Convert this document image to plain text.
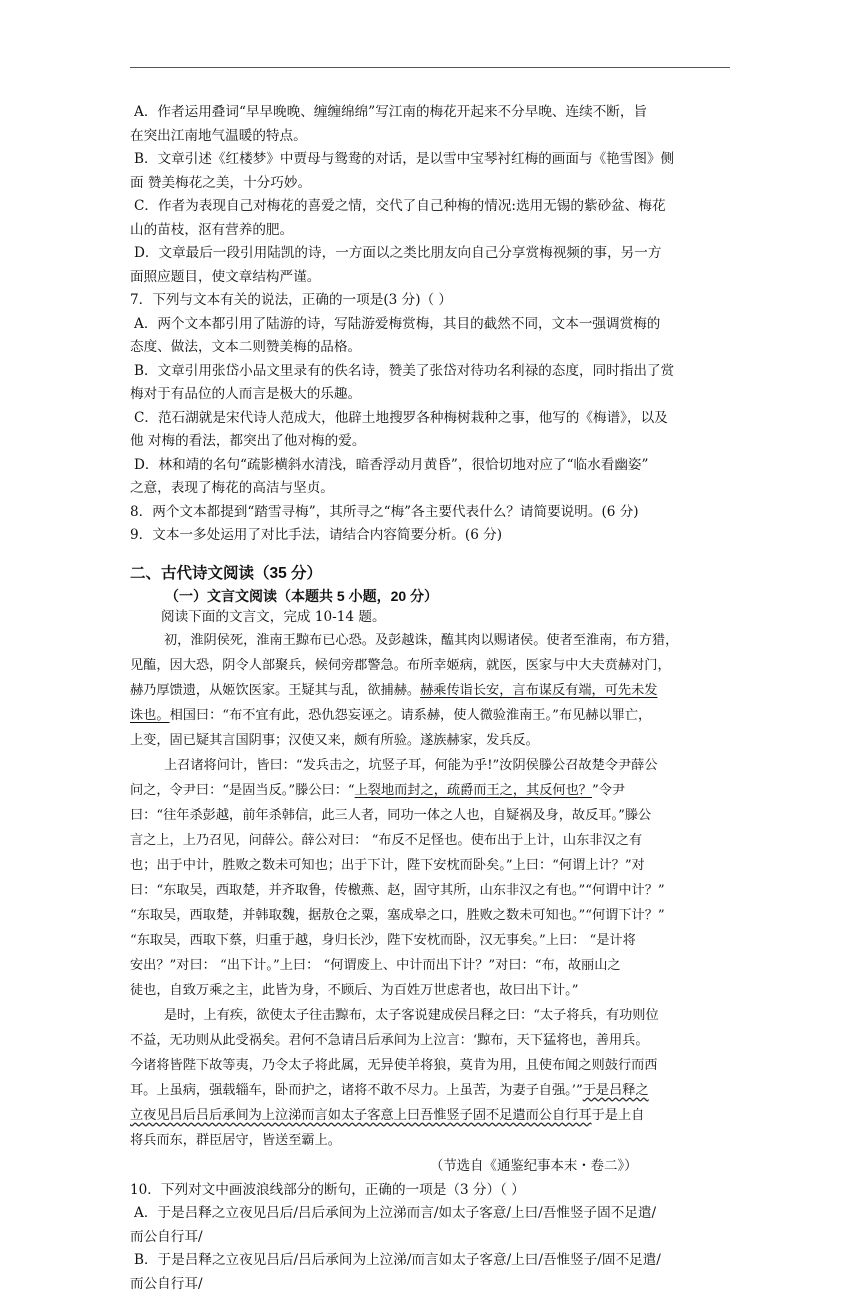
A．作者运用叠词“早早晚晚、缠缠绵绵”写江南的梅花开起来不分早晚、连续不断，旨
在突出江南地气温暖的特点。
B．文章引述《红楼梦》中贾母与鸳鸯的对话，是以雪中宝琴衬红梅的画面与《艳雪图》侧
面 赞美梅花之美，十分巧妙。
C．作者为表现自己对梅花的喜爱之情，交代了自己种梅的情况:选用无锡的紫砂盆、梅花
山的苗枝，沤有营养的肥。
D．文章最后一段引用陆凯的诗，一方面以之类比朋友向自己分享赏梅视频的事，另一方
面照应题目，使文章结构严谨。
7．下列与文本有关的说法，正确的一项是(3 分)（ ）
A．两个文本都引用了陆游的诗，写陆游爱梅赏梅，其目的截然不同，文本一强调赏梅的
态度、做法，文本二则赞美梅的品格。
B．文章引用张岱小品文里录有的佚名诗，赞美了张岱对待功名利禄的态度，同时指出了赏
梅对于有品位的人而言是极大的乐趣。
C．范石湖就是宋代诗人范成大，他辟土地搜罗各种梅树栽种之事，他写的《梅谱》，以及
他 对梅的看法，都突出了他对梅的爱。
D．林和靖的名句“疏影横斜水清浅，暗香浮动月黄昏”，很恰切地对应了“临水看幽姿”
之意，表现了梅花的高洁与坚贞。
8．两个文本都提到“踏雪寻梅”，其所寻之“梅”各主要代表什么？请简要说明。(6 分)
9．文本一多处运用了对比手法，请结合内容简要分析。(6 分)
二、古代诗文阅读（35 分）
（一）文言文阅读（本题共 5 小题，20 分）
阅读下面的文言文，完成 10-14 题。
初，淮阴侯死，淮南王黥布已心恐。及彭越诛，醢其肉以赐诸侯。使者至淮南，布方猎，
见醢，因大恐，阴令人部聚兵，候伺旁郡警急。布所幸姬病，就医，医家与中大夫贲赫对门，
赫乃厚馈遗，从姬饮医家。王疑其与乱，欲捕赫。赫乘传诣长安，言布谋反有端，可先未发
诛也。相国曰：“布不宜有此，恐仇怨妄诬之。请系赫，使人微验淮南王。”布见赫以罪亡，
上变，固已疑其言国阴事；汉使又来，颇有所验。遂族赫家，发兵反。
上召诸将问计，皆曰：“发兵击之，坑竖子耳，何能为乎!”汝阴侯滕公召故楚令尹薛公
问之，令尹曰：“是固当反。”滕公曰：“上裂地而封之，疏爵而王之，其反何也？”令尹
曰：“往年杀彭越，前年杀韩信，此三人者，同功一体之人也，自疑祸及身，故反耳。”滕公
言之上，上乃召见，问薛公。薛公对曰： “布反不足怪也。使布出于上计，山东非汉之有
也；出于中计，胜败之数未可知也；出于下计，陛下安枕而卧矣。”上曰：“何谓上计？”对
曰：“东取吴，西取楚，并齐取鲁，传檄燕、赵，固守其所，山东非汉之有也。”“何谓中计？”
“东取吴，西取楚，并韩取魏，据敖仓之粟，塞成皋之口，胜败之数未可知也。”“何谓下计？”
“东取吴，西取下蔡，归重于越，身归长沙，陛下安枕而卧，汉无事矣。”上曰： “是计将
安出？”对曰： “出下计。”上曰： “何谓废上、中计而出下计？”对曰：“布，故丽山之
徒也，自致万乘之主，此皆为身，不顾后、为百姓万世虑者也，故曰出下计。”
是时，上有疾，欲使太子往击黥布，太子客说建成侯吕释之曰：“太子将兵，有功则位
不益，无功则从此受祸矣。君何不急请吕后承间为上泣言：‘黥布，天下猛将也，善用兵。
今诸将皆陛下故等夷，乃令太子将此属，无异使羊将狼，莫肯为用，且使布闻之则鼓行而西
耳。上虽病，强载辎车，卧而护之，诸将不敢不尽力。上虽苦，为妻子自强。’”于是吕释之
立夜见吕后吕后承间为上泣涕而言如太子客意上曰吾惟竖子固不足遣而公自行耳于是上自
将兵而东，群臣居守，皆送至霸上。
（节选自《通鉴纪事本末・卷二》）
10．下列对文中画波浪线部分的断句，正确的一项是（3 分）（ ）
A．于是吕释之立夜见吕后/吕后承间为上泣涕而言/如太子客意/上曰/吾惟竖子固不足遣/
而公自行耳/
B．于是吕释之立夜见吕后/吕后承间为上泣涕/而言如太子客意/上曰/吾惟竖子/固不足遣/
而公自行耳/
